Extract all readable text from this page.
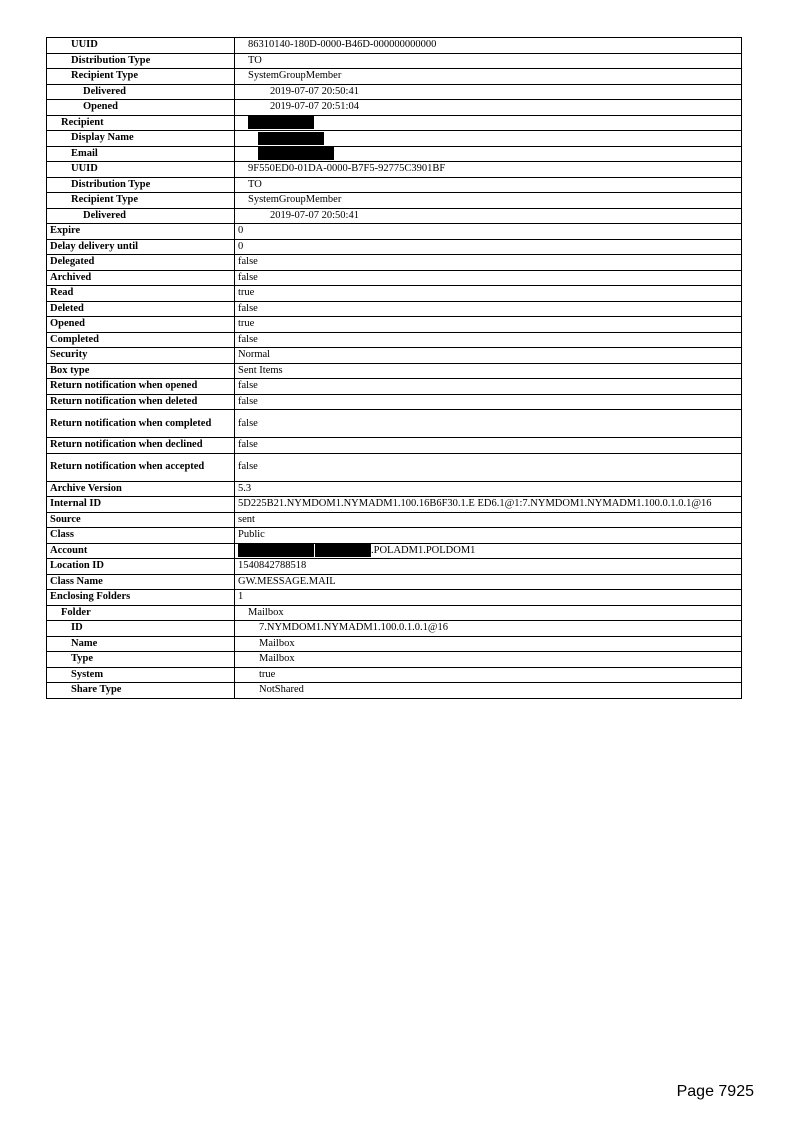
UUID	86310140-180D-0000-B46D-000000000000
Distribution Type	TO
Recipient Type	SystemGroupMember
Delivered	2019-07-07 20:50:41
Opened	2019-07-07 20:51:04
Recipient	
Display Name	
Email	
UUID	9F550ED0-01DA-0000-B7F5-92775C3901BF
Distribution Type	TO
Recipient Type	SystemGroupMember
Delivered	2019-07-07 20:50:41
Expire	0
Delay delivery until	0
Delegated	false
Archived	false
Read	true
Deleted	false
Opened	true
Completed	false
Security	Normal
Box type	Sent Items
Return notification when opened	false
Return notification when deleted	false
Return notification when completed	false
Return notification when declined	false
Return notification when accepted	false
Archive Version	5.3
Internal ID	5D225B21.NYMDOM1.NYMADM1.100.16B6F30.1.E ED6.1@1:7.NYMDOM1.NYMADM1.100.0.1.0.1@16
Source	sent
Class	Public
Account	.POLADM1.POLDOM1
Location ID	1540842788518
Class Name	GW.MESSAGE.MAIL
Enclosing Folders	1
Folder	Mailbox
ID	7.NYMDOM1.NYMADM1.100.0.1.0.1@16
Name	Mailbox
Type	Mailbox
System	true
Share Type	NotShared
Page 7925
